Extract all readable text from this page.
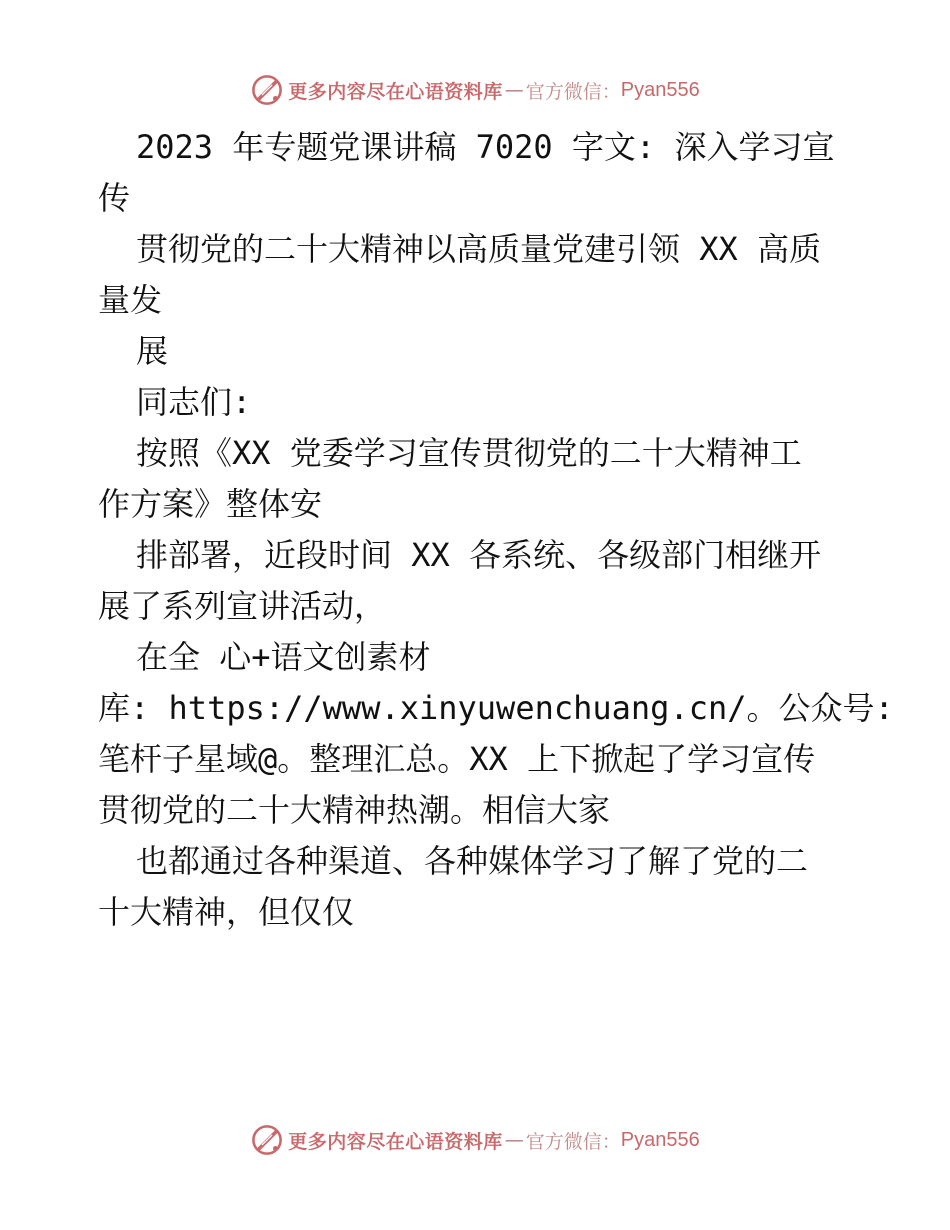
更多内容尽在心语资料库 — 官方微信： Pyan556
2023 年专题党课讲稿 7020 字文: 深入学习宣
传
贯彻党的二十大精神以高质量党建引领 XX 高质
量发
展
同志们:
按照《XX 党委学习宣传贯彻党的二十大精神工
作方案》整体安
排部署，近段时间 XX 各系统、各级部门相继开
展了系列宣讲活动，
在全 心+语文创素材
库: https://www.xinyuwenchuang.cn/。公众号:
笔杆子星域@。整理汇总。XX 上下掀起了学习宣传
贯彻党的二十大精神热潮。相信大家
也都通过各种渠道、各种媒体学习了解了党的二
十大精神，但仅仅
更多内容尽在心语资料库 — 官方微信： Pyan556
